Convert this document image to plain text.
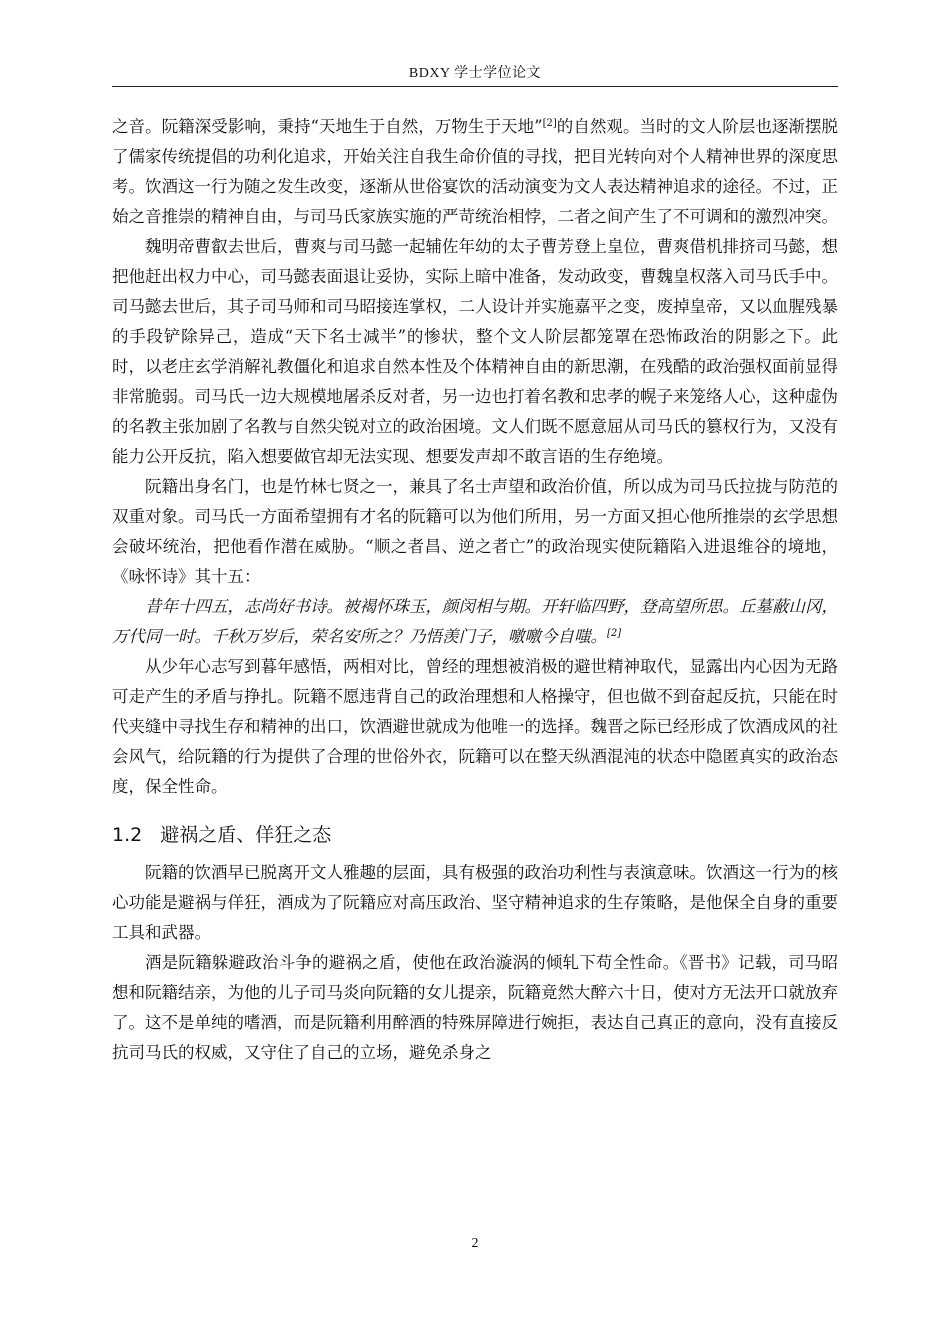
BDXY 学士学位论文

之音。阮籍深受影响，秉持“天地生于自然，万物生于天地”[2]的自然观。当时的文人阶层也逐渐摆脱了儒家传统提倡的功利化追求，开始关注自我生命价值的寻找，把目光转向对个人精神世界的深度思考。饮酒这一行为随之发生改变，逐渐从世俗宴饮的活动演变为文人表达精神追求的途径。不过，正始之音推崇的精神自由，与司马氏家族实施的严苛统治相悖，二者之间产生了不可调和的激烈冲突。

魏明帝曹叡去世后，曹爽与司马懿一起辅佐年幼的太子曹芳登上皇位，曹爽借机排挤司马懿，想把他赶出权力中心，司马懿表面退让妥协，实际上暗中准备，发动政变，曹魏皇权落入司马氏手中。司马懿去世后，其子司马师和司马昭接连掌权，二人设计并实施嘉平之变，废掉皇帝，又以血腥残暴的手段铲除异己，造成“天下名士减半”的惨状，整个文人阶层都笼罩在恐怖政治的阴影之下。此时，以老庄玄学消解礼教僵化和追求自然本性及个体精神自由的新思潮，在残酷的政治强权面前显得非常脆弱。司马氏一边大规模地屠杀反对者，另一边也打着名教和忠孝的幌子来笼络人心，这种虚伪的名教主张加剧了名教与自然尖锐对立的政治困境。文人们既不愿意屈从司马氏的篡权行为，又没有能力公开反抗，陷入想要做官却无法实现、想要发声却不敢言语的生存绝境。

阮籍出身名门，也是竹林七贤之一，兼具了名士声望和政治价值，所以成为司马氏拉拢与防范的双重对象。司马氏一方面希望拥有才名的阮籍可以为他们所用，另一方面又担心他所推崇的玄学思想会破坏统治，把他看作潜在威胁。“顺之者昌、逆之者亡”的政治现实使阮籍陷入进退维谷的境地，《咏怀诗》其十五：

昔年十四五，志尚好书诗。被褐怀珠玉，颜闵相与期。开轩临四野，登高望所思。丘墓蔽山冈，万代同一时。千秋万岁后，荣名安所之？乃悟羡门子，噭噭今自嗤。[2]

从少年心志写到暮年感悟，两相对比，曾经的理想被消极的避世精神取代，显露出内心因为无路可走产生的矛盾与挣扎。阮籍不愿违背自己的政治理想和人格操守，但也做不到奋起反抗，只能在时代夹缝中寻找生存和精神的出口，饮酒避世就成为他唯一的选择。魏晋之际已经形成了饮酒成风的社会风气，给阮籍的行为提供了合理的世俗外衣，阮籍可以在整天纵酒混沌的状态中隐匿真实的政治态度，保全性命。

1.2 避祸之盾、佯狂之态

阮籍的饮酒早已脱离开文人雅趣的层面，具有极强的政治功利性与表演意味。饮酒这一行为的核心功能是避祸与佯狂，酒成为了阮籍应对高压政治、坚守精神追求的生存策略，是他保全自身的重要工具和武器。

酒是阮籍躲避政治斗争的避祸之盾，使他在政治漩涡的倾轧下苟全性命。《晋书》记载，司马昭想和阮籍结亲，为他的儿子司马炎向阮籍的女儿提亲，阮籍竟然大醉六十日，使对方无法开口就放弃了。这不是单纯的嗜酒，而是阮籍利用醉酒的特殊屏障进行婉拒，表达自己真正的意向，没有直接反抗司马氏的权威，又守住了自己的立场，避免杀身之

2
